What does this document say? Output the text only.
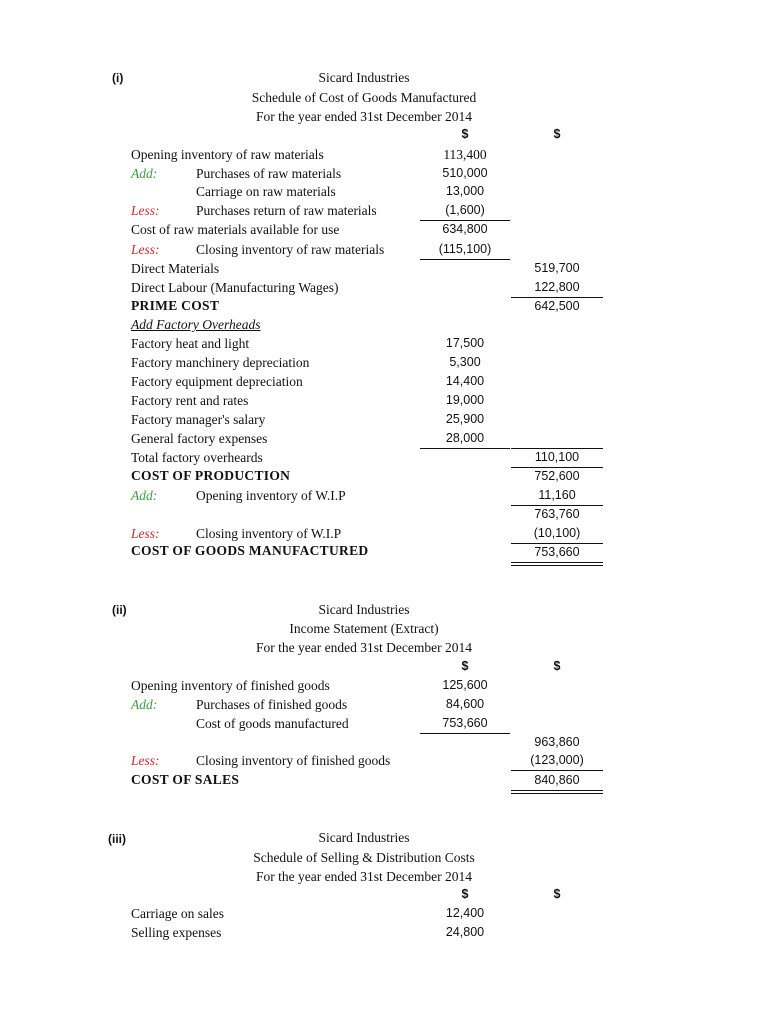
(i)	Sicard Industries
Schedule of Cost of Goods Manufactured
For the year ended 31st December 2014
$	$
Opening inventory of raw materials	113,400
Add:	Purchases of raw materials	510,000
Carriage on raw materials	13,000
Less:	Purchases return of raw materials	(1,600)
Cost of raw materials available for use	634,800
Less:	Closing inventory of raw materials	(115,100)
Direct Materials	519,700
Direct Labour (Manufacturing Wages)	122,800
PRIME COST	642,500
Add Factory Overheads
Factory heat and light	17,500
Factory manchinery depreciation	5,300
Factory equipment depreciation	14,400
Factory rent and rates	19,000
Factory manager's salary	25,900
General factory expenses	28,000
Total factory overheards	110,100
COST OF PRODUCTION	752,600
Add:	Opening inventory of W.I.P	11,160
763,760
Less:	Closing inventory of W.I.P	(10,100)
COST OF GOODS MANUFACTURED	753,660
(ii)	Sicard Industries
Income Statement (Extract)
For the year ended 31st December 2014
$	$
Opening inventory of finished goods	125,600
Add:	Purchases of finished goods	84,600
Cost of goods manufactured	753,660
963,860
Less:	Closing inventory of finished goods	(123,000)
COST OF SALES	840,860
(iii)	Sicard Industries
Schedule of Selling & Distribution Costs
For the year ended 31st December 2014
$	$
Carriage on sales	12,400
Selling expenses	24,800
